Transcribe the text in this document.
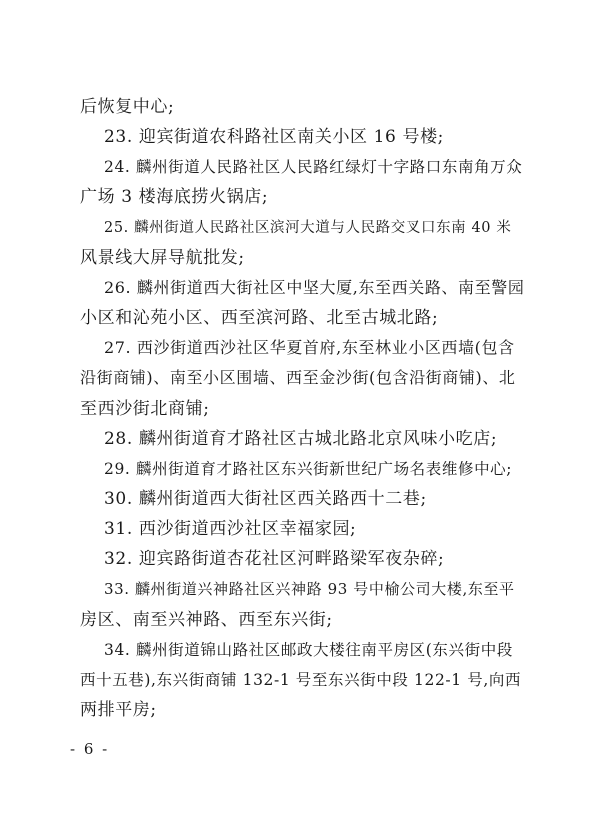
后恢复中心;
23. 迎宾街道农科路社区南关小区 16 号楼;
24. 麟州街道人民路社区人民路红绿灯十字路口东南角万众
广场 3 楼海底捞火锅店;
25. 麟州街道人民路社区滨河大道与人民路交叉口东南 40 米
风景线大屏导航批发;
26. 麟州街道西大街社区中坚大厦,东至西关路、南至警园
小区和沁苑小区、西至滨河路、北至古城北路;
27. 西沙街道西沙社区华夏首府,东至林业小区西墙(包含
沿街商铺)、南至小区围墙、西至金沙街(包含沿街商铺)、北
至西沙街北商铺;
28. 麟州街道育才路社区古城北路北京风味小吃店;
29. 麟州街道育才路社区东兴街新世纪广场名表维修中心;
30. 麟州街道西大街社区西关路西十二巷;
31. 西沙街道西沙社区幸福家园;
32. 迎宾路街道杏花社区河畔路梁军夜杂碎;
33. 麟州街道兴神路社区兴神路 93 号中榆公司大楼,东至平
房区、南至兴神路、西至东兴街;
34. 麟州街道锦山路社区邮政大楼往南平房区(东兴街中段
西十五巷),东兴街商铺 132-1 号至东兴街中段 122-1 号,向西
两排平房;
- 6 -
